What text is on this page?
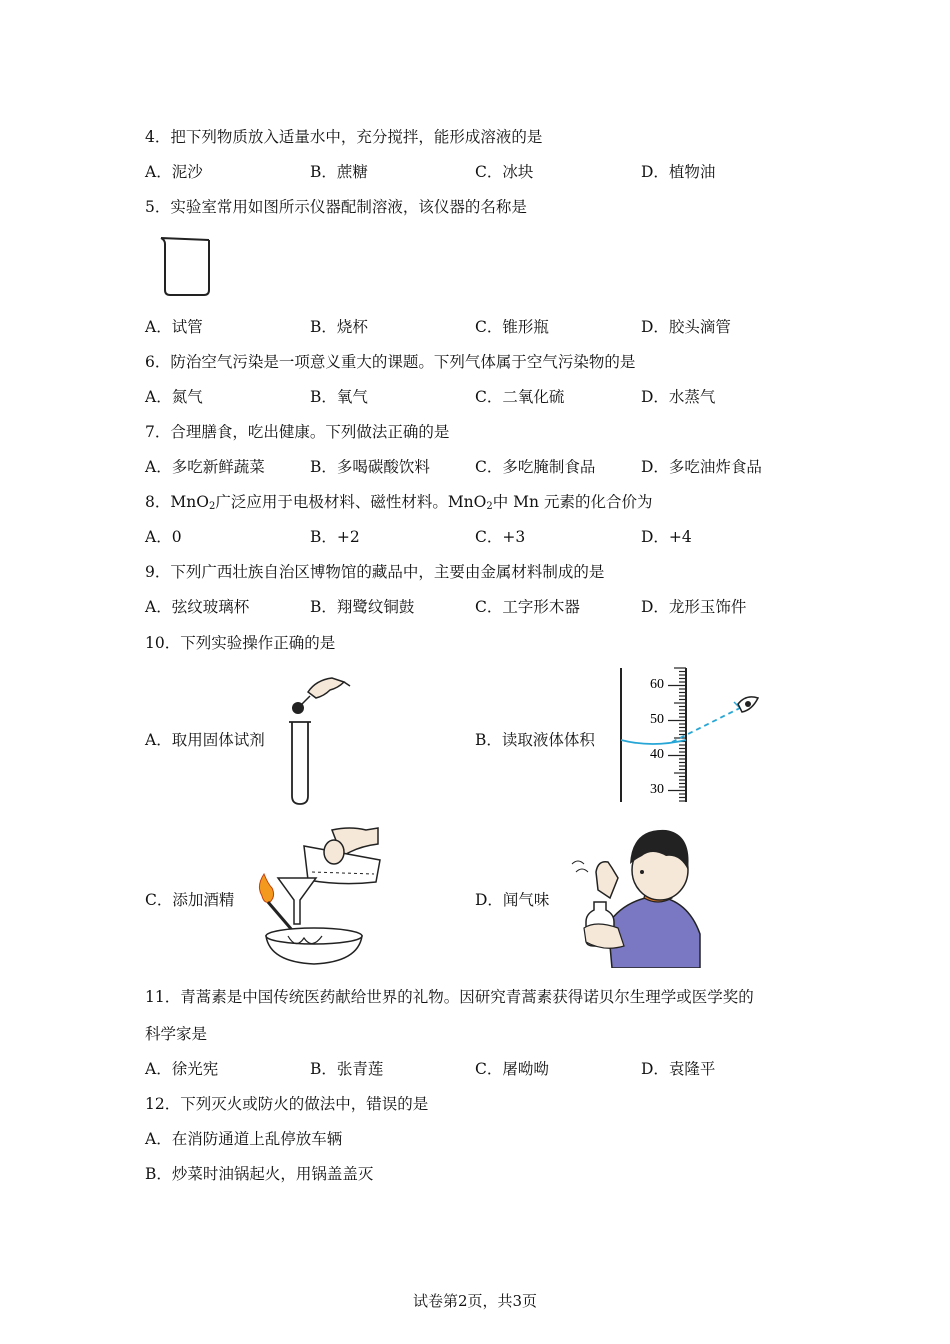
4．把下列物质放入适量水中，充分搅拌，能形成溶液的是
A．泥沙	B．蔗糖	C．冰块	D．植物油
5．实验室常用如图所示仪器配制溶液，该仪器的名称是
A．试管	B．烧杯	C．锥形瓶	D．胶头滴管
6．防治空气污染是一项意义重大的课题。下列气体属于空气污染物的是
A．氮气	B．氧气	C．二氧化硫	D．水蒸气
7．合理膳食，吃出健康。下列做法正确的是
A．多吃新鲜蔬菜	B．多喝碳酸饮料	C．多吃腌制食品	D．多吃油炸食品
8．MnO$_2$广泛应用于电极材料、磁性材料。MnO$_2$中 Mn 元素的化合价为
A．0	B．+2	C．+3	D．+4
9．下列广西壮族自治区博物馆的藏品中，主要由金属材料制成的是
A．弦纹玻璃杯	B．翔鹭纹铜鼓	C．工字形木器	D．龙形玉饰件
10．下列实验操作正确的是
A．取用固体试剂	B．读取液体体积
60
50
40
30
C．添加酒精	D．闻气味
11．青蒿素是中国传统医药献给世界的礼物。因研究青蒿素获得诺贝尔生理学或医学奖的
科学家是
A．徐光宪	B．张青莲	C．屠呦呦	D．袁隆平
12．下列灭火或防火的做法中，错误的是
A．在消防通道上乱停放车辆
B．炒菜时油锅起火，用锅盖盖灭
试卷第2页，共3页
